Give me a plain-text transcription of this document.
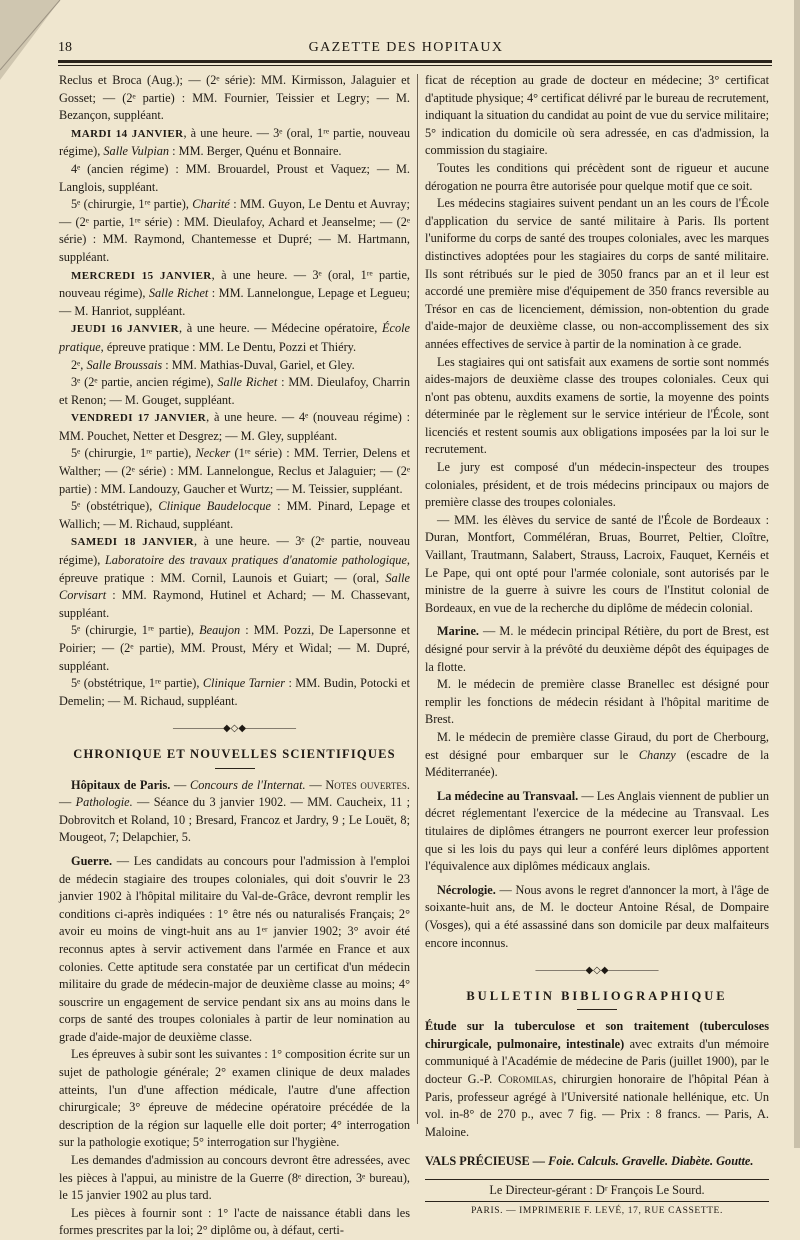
18	GAZETTE DES HOPITAUX

Reclus et Broca (Aug.); — (2ᵉ série): MM. Kirmisson, Jalaguier et Gosset; — (2ᵉ partie) : MM. Fournier, Teissier et Legry; — M. Bezançon, suppléant.

MARDI 14 JANVIER, à une heure. — 3ᵉ (oral, 1ʳᵉ partie, nouveau régime), Salle Vulpian : MM. Berger, Quénu et Bonnaire.

4ᵉ (ancien régime) : MM. Brouardel, Proust et Vaquez; — M. Langlois, suppléant.

5ᵉ (chirurgie, 1ʳᵉ partie), Charité : MM. Guyon, Le Dentu et Auvray; — (2ᵉ partie, 1ʳᵉ série) : MM. Dieulafoy, Achard et Jeanselme; — (2ᵉ série) : MM. Raymond, Chantemesse et Dupré; — M. Hartmann, suppléant.

MERCREDI 15 JANVIER, à une heure. — 3ᵉ (oral, 1ʳᵉ partie, nouveau régime), Salle Richet : MM. Lannelongue, Lepage et Legueu; — M. Hanriot, suppléant.

JEUDI 16 JANVIER, à une heure. — Médecine opératoire, École pratique, épreuve pratique : MM. Le Dentu, Pozzi et Thiéry.

2ᵉ, Salle Broussais : MM. Mathias-Duval, Gariel, et Gley.

3ᵉ (2ᵉ partie, ancien régime), Salle Richet : MM. Dieulafoy, Charrin et Renon; — M. Gouget, suppléant.

VENDREDI 17 JANVIER, à une heure. — 4ᵉ (nouveau régime) : MM. Pouchet, Netter et Desgrez; — M. Gley, suppléant.

5ᵉ (chirurgie, 1ʳᵉ partie), Necker (1ʳᵉ série) : MM. Terrier, Delens et Walther; — (2ᵉ série) : MM. Lannelongue, Reclus et Jalaguier; — (2ᵉ partie) : MM. Landouzy, Gaucher et Wurtz; — M. Teissier, suppléant.

5ᵉ (obstétrique), Clinique Baudelocque : MM. Pinard, Lepage et Wallich; — M. Richaud, suppléant.

SAMEDI 18 JANVIER, à une heure. — 3ᵉ (2ᵉ partie, nouveau régime), Laboratoire des travaux pratiques d'anatomie pathologique, épreuve pratique : MM. Cornil, Launois et Guiart; — (oral, Salle Corvisart : MM. Raymond, Hutinel et Achard; — M. Chassevant, suppléant.

5ᵉ (chirurgie, 1ʳᵉ partie), Beaujon : MM. Pozzi, De Lapersonne et Poirier; — (2ᵉ partie), MM. Proust, Méry et Widal; — M. Dupré, suppléant.

5ᵉ (obstétrique, 1ʳᵉ partie), Clinique Tarnier : MM. Budin, Potocki et Demelin; — M. Richaud, suppléant.

―――――◆◇◆―――――
CHRONIQUE ET NOUVELLES SCIENTIFIQUES

Hôpitaux de Paris. — Concours de l'Internat. — Notes ouvertes. — Pathologie. — Séance du 3 janvier 1902. — MM. Caucheix, 11 ; Dobrovitch et Roland, 10 ; Bresard, Francoz et Jardry, 9 ; Le Louët, 8; Mougeot, 7; Delapchier, 5.

Guerre. — Les candidats au concours pour l'admission à l'emploi de médecin stagiaire des troupes coloniales, qui doit s'ouvrir le 23 janvier 1902 à l'hôpital militaire du Val-de-Grâce, devront remplir les conditions ci-après indiquées : 1° être nés ou naturalisés Français; 2° avoir eu moins de vingt-huit ans au 1ᵉʳ janvier 1902; 3° avoir été reconnus aptes à servir activement dans l'armée en France et aux colonies. Cette aptitude sera constatée par un certificat d'un médecin militaire du grade de médecin-major de deuxième classe au moins; 4° souscrire un engagement de service pendant six ans au moins dans le corps de santé des troupes coloniales à partir de leur nomination au grade d'aide-major de deuxième classe.

Les épreuves à subir sont les suivantes : 1° composition écrite sur un sujet de pathologie générale; 2° examen clinique de deux malades atteints, l'un d'une affection médicale, l'autre d'une affection chirurgicale; 3° épreuve de médecine opératoire précédée de la description de la région sur laquelle elle doit porter; 4° interrogation sur la pathologie exotique; 5° interrogation sur l'hygiène.

Les demandes d'admission au concours devront être adressées, avec les pièces à l'appui, au ministre de la Guerre (8ᵉ direction, 3ᵉ bureau), le 15 janvier 1902 au plus tard.

Les pièces à fournir sont : 1° l'acte de naissance établi dans les formes prescrites par la loi; 2° diplôme ou, à défaut, certi-

ficat de réception au grade de docteur en médecine; 3° certificat d'aptitude physique; 4° certificat délivré par le bureau de recrutement, indiquant la situation du candidat au point de vue du service militaire; 5° indication du domicile où sera adressée, en cas d'admission, la commission du stagiaire.

Toutes les conditions qui précèdent sont de rigueur et aucune dérogation ne pourra être autorisée pour quelque motif que ce soit.

Les médecins stagiaires suivent pendant un an les cours de l'École d'application du service de santé militaire à Paris. Ils portent l'uniforme du corps de santé des troupes coloniales, avec les marques distinctives adoptées pour les stagiaires du corps de santé militaire. Ils sont rétribués sur le pied de 3050 francs par an et il leur est accordé une première mise d'équipement de 350 francs reversible au Trésor en cas de licenciement, démission, non-obtention du grade d'aide-major de deuxième classe, ou non-accomplissement des six années effectives de service à partir de la nomination à ce grade.

Les stagiaires qui ont satisfait aux examens de sortie sont nommés aides-majors de deuxième classe des troupes coloniales. Ceux qui n'ont pas obtenu, auxdits examens de sortie, la moyenne des points déterminée par le règlement sur le service intérieur de l'École, sont licenciés et restent soumis aux obligations imposées par la loi sur le recrutement.

Le jury est composé d'un médecin-inspecteur des troupes coloniales, président, et de trois médecins principaux ou majors de première classe des troupes coloniales.

— MM. les élèves du service de santé de l'École de Bordeaux : Duran, Montfort, Comméléran, Bruas, Bourret, Peltier, Cloître, Vaillant, Trautmann, Salabert, Strauss, Lacroix, Fauquet, Kernéis et Le Pape, qui ont opté pour l'armée coloniale, sont autorisés par le ministre de la guerre à suivre les cours de l'Institut colonial de Bordeaux, en vue de la recherche du diplôme de médecin colonial.

Marine. — M. le médecin principal Rétière, du port de Brest, est désigné pour servir à la prévôté du deuxième dépôt des équipages de la flotte.

M. le médecin de première classe Branellec est désigné pour remplir les fonctions de médecin résidant à l'hôpital maritime de Brest.

M. le médecin de première classe Giraud, du port de Cherbourg, est désigné pour embarquer sur le Chanzy (escadre de la Méditerranée).

La médecine au Transvaal. — Les Anglais viennent de publier un décret réglementant l'exercice de la médecine au Transvaal. Les titulaires de diplômes étrangers ne pourront exercer leur profession que si les lois du pays qui leur a conféré leurs diplômes apportent l'équivalence aux diplômes médicaux anglais.

Nécrologie. — Nous avons le regret d'annoncer la mort, à l'âge de soixante-huit ans, de M. le docteur Antoine Résal, de Dompaire (Vosges), qui a été assassiné dans son domicile par deux malfaiteurs encore inconnus.

―――――◆◇◆―――――
BULLETIN BIBLIOGRAPHIQUE

Étude sur la tuberculose et son traitement (tuberculoses chirurgicale, pulmonaire, intestinale) avec extraits d'un mémoire communiqué à l'Académie de médecine de Paris (juillet 1900), par le docteur G.-P. Coromilas, chirurgien honoraire de l'hôpital Péan à Paris, professeur agrégé à l'Université nationale hellénique, etc. Un vol. in-8° de 270 p., avec 7 fig. — Prix : 8 francs. — Paris, A. Maloine.

VALS PRÉCIEUSE — Foie. Calculs. Gravelle. Diabète. Goutte.

Le Directeur-gérant : Dʳ François Le Sourd.
PARIS. — IMPRIMERIE F. LEVÉ, 17, RUE CASSETTE.
